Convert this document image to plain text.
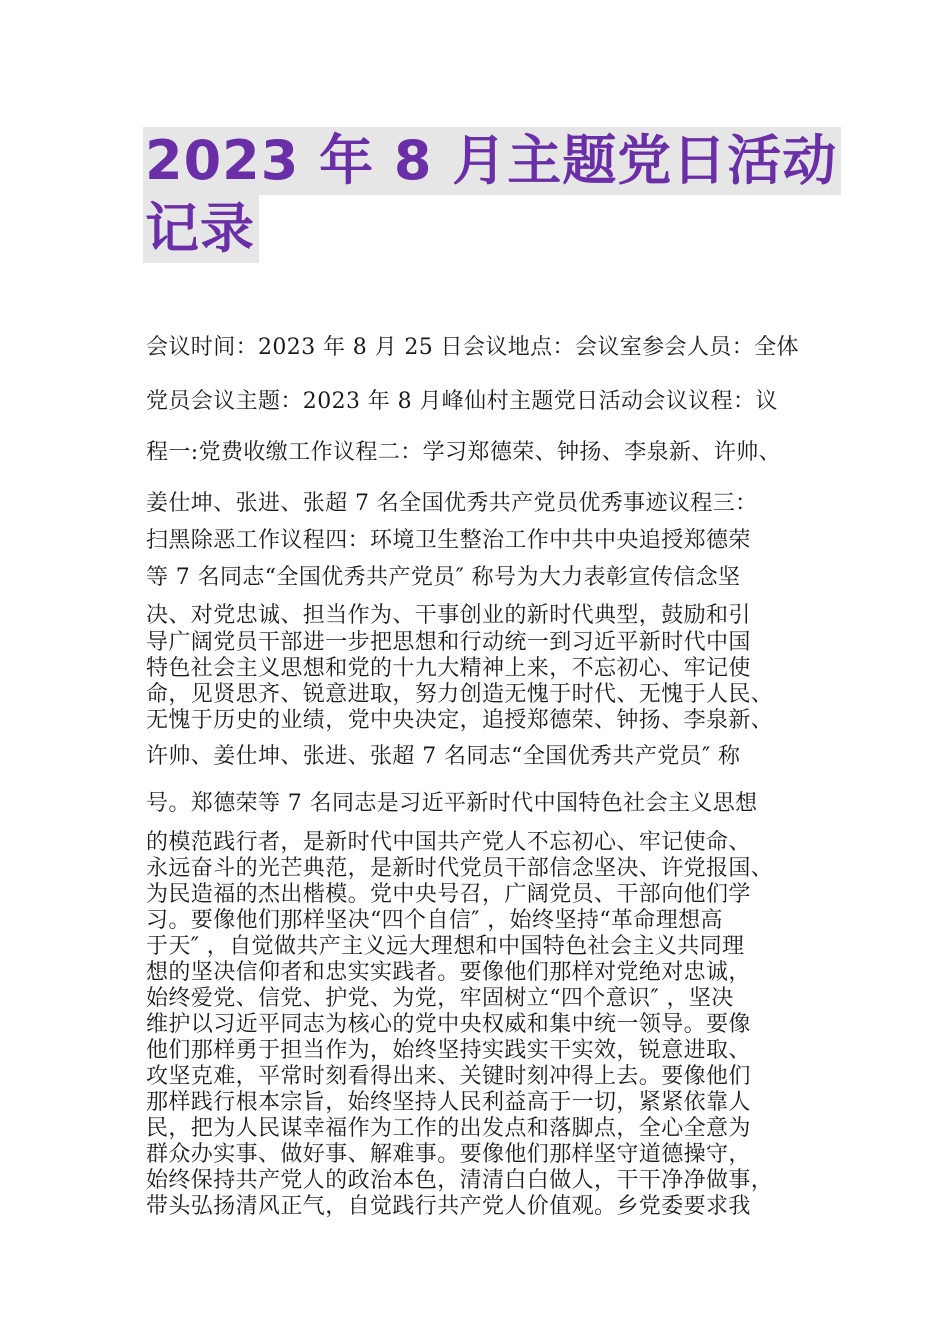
2023 年 8 月主题党日活动
记录
会议时间：2023 年 8 月 25 日会议地点：会议室参会人员：全体
党员会议主题：2023 年 8 月峰仙村主题党日活动会议议程：议
程一:党费收缴工作议程二：学习郑德荣、钟扬、李泉新、许帅、
姜仕坤、张进、张超 7 名全国优秀共产党员优秀事迹议程三：
扫黑除恶工作议程四：环境卫生整治工作中共中央追授郑德荣
等 7 名同志“全国优秀共产党员″ 称号为大力表彰宣传信念坚
决、对党忠诚、担当作为、干事创业的新时代典型，鼓励和引
导广阔党员干部进一步把思想和行动统一到习近平新时代中国
特色社会主义思想和党的十九大精神上来，不忘初心、牢记使
命，见贤思齐、锐意进取，努力创造无愧于时代、无愧于人民、
无愧于历史的业绩，党中央决定，追授郑德荣、钟扬、李泉新、
许帅、姜仕坤、张进、张超 7 名同志“全国优秀共产党员″ 称
号。郑德荣等 7 名同志是习近平新时代中国特色社会主义思想
的模范践行者，是新时代中国共产党人不忘初心、牢记使命、
永远奋斗的光芒典范，是新时代党员干部信念坚决、许党报国、
为民造福的杰出楷模。党中央号召，广阔党员、干部向他们学
习。要像他们那样坚决“四个自信″ ，始终坚持“革命理想高
于天″ ，自觉做共产主义远大理想和中国特色社会主义共同理
想的坚决信仰者和忠实实践者。要像他们那样对党绝对忠诚，
始终爱党、信党、护党、为党，牢固树立“四个意识″ ，坚决
维护以习近平同志为核心的党中央权威和集中统一领导。要像
他们那样勇于担当作为，始终坚持实践实干实效，锐意进取、
攻坚克难，平常时刻看得出来、关键时刻冲得上去。要像他们
那样践行根本宗旨，始终坚持人民利益高于一切，紧紧依靠人
民，把为人民谋幸福作为工作的出发点和落脚点，全心全意为
群众办实事、做好事、解难事。要像他们那样坚守道德操守，
始终保持共产党人的政治本色，清清白白做人，干干净净做事，
带头弘扬清风正气，自觉践行共产党人价值观。乡党委要求我
